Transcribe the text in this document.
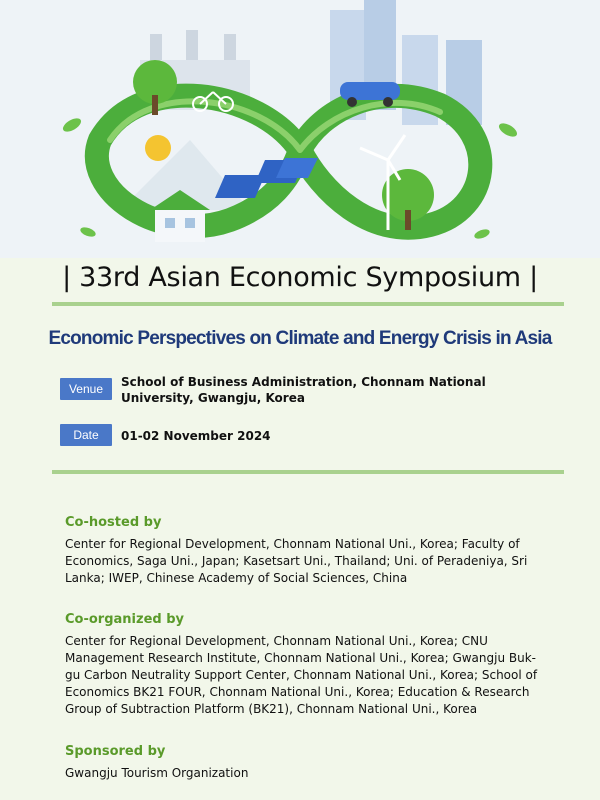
| 33rd Asian Economic Symposium |
Economic Perspectives on Climate and Energy Crisis in Asia
Venue	School of Business Administration, Chonnam National University, Gwangju, Korea
Date	01-02 November 2024
Co-hosted by

Center for Regional Development, Chonnam National Uni., Korea; Faculty of Economics, Saga Uni., Japan; Kasetsart Uni., Thailand; Uni. of Peradeniya, Sri Lanka; IWEP, Chinese Academy of Social Sciences, China

Co-organized by

Center for Regional Development, Chonnam National Uni., Korea; CNU Management Research Institute, Chonnam National Uni., Korea; Gwangju Buk-gu Carbon Neutrality Support Center, Chonnam National Uni., Korea; School of Economics BK21 FOUR, Chonnam National Uni., Korea; Education & Research Group of Subtraction Platform (BK21), Chonnam National Uni., Korea

Sponsored by

Gwangju Tourism Organization
